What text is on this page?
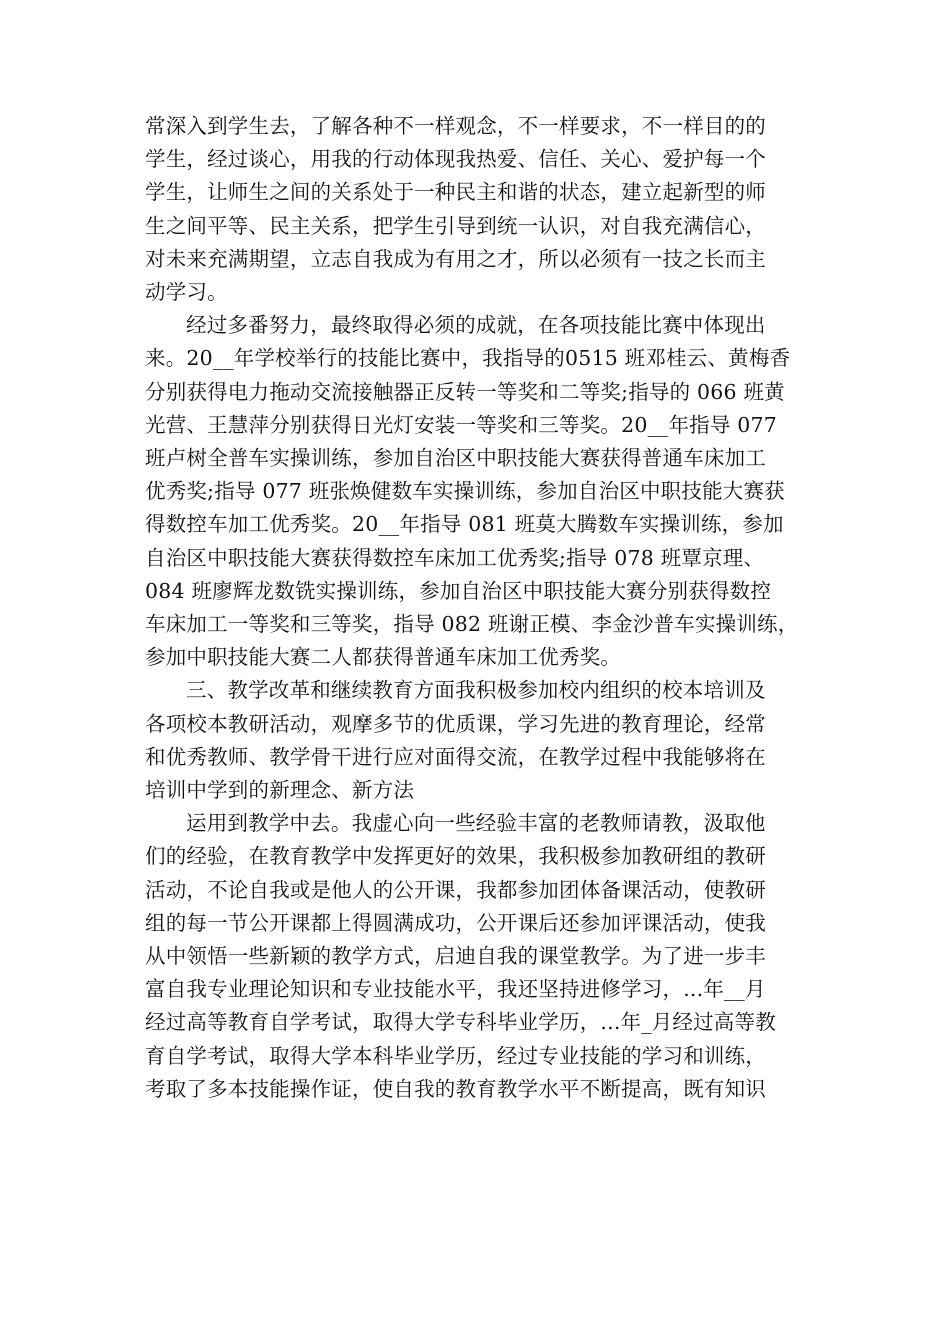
常深入到学生去，了解各种不一样观念，不一样要求，不一样目的的
学生，经过谈心，用我的行动体现我热爱、信任、关心、爱护每一个
学生，让师生之间的关系处于一种民主和谐的状态，建立起新型的师
生之间平等、民主关系，把学生引导到统一认识，对自我充满信心，
对未来充满期望，立志自我成为有用之才，所以必须有一技之长而主
动学习。

经过多番努力，最终取得必须的成就，在各项技能比赛中体现出
来。20__年学校举行的技能比赛中，我指导的0515 班邓桂云、黄梅香
分别获得电力拖动交流接触器正反转一等奖和二等奖;指导的 066 班黄
光营、王慧萍分别获得日光灯安装一等奖和三等奖。20__年指导 077
班卢树全普车实操训练，参加自治区中职技能大赛获得普通车床加工
优秀奖;指导 077 班张焕健数车实操训练，参加自治区中职技能大赛获
得数控车加工优秀奖。20__年指导 081 班莫大腾数车实操训练，参加
自治区中职技能大赛获得数控车床加工优秀奖;指导 078 班覃京理、
084 班廖辉龙数铣实操训练，参加自治区中职技能大赛分别获得数控
车床加工一等奖和三等奖，指导 082 班谢正模、李金沙普车实操训练，
参加中职技能大赛二人都获得普通车床加工优秀奖。

三、教学改革和继续教育方面我积极参加校内组织的校本培训及
各项校本教研活动，观摩多节的优质课，学习先进的教育理论，经常
和优秀教师、教学骨干进行应对面得交流，在教学过程中我能够将在
培训中学到的新理念、新方法

运用到教学中去。我虚心向一些经验丰富的老教师请教，汲取他
们的经验，在教育教学中发挥更好的效果，我积极参加教研组的教研
活动，不论自我或是他人的公开课，我都参加团体备课活动，使教研
组的每一节公开课都上得圆满成功，公开课后还参加评课活动，使我
从中领悟一些新颖的教学方式，启迪自我的课堂教学。为了进一步丰
富自我专业理论知识和专业技能水平，我还坚持进修学习，...年__月
经过高等教育自学考试，取得大学专科毕业学历，...年_月经过高等教
育自学考试，取得大学本科毕业学历，经过专业技能的学习和训练，
考取了多本技能操作证，使自我的教育教学水平不断提高，既有知识
